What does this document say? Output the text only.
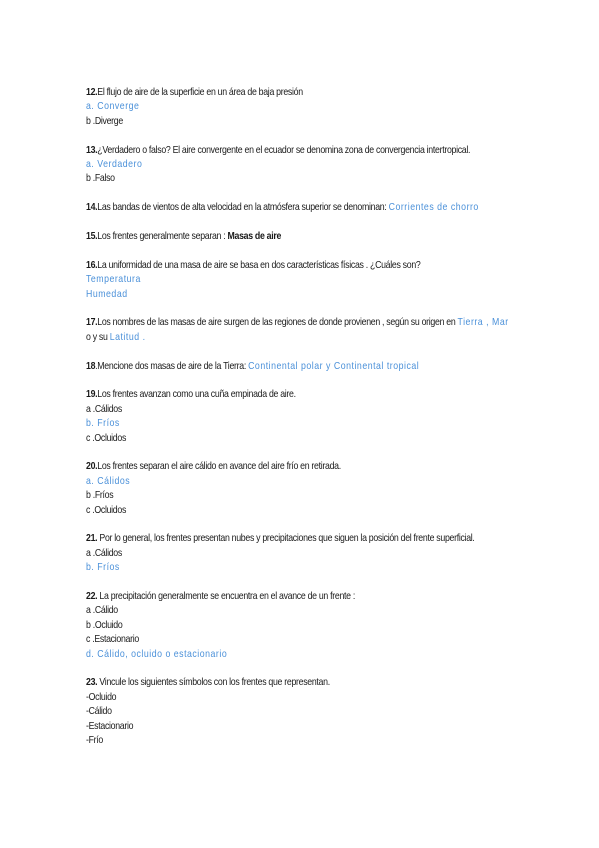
12.El flujo de aire de la superficie en un área de baja presión
a. Converge
b .Diverge
13.¿Verdadero o falso? El aire convergente en el ecuador se denomina zona de convergencia intertropical.
a. Verdadero
b .Falso
14.Las bandas de vientos de alta velocidad en la atmósfera superior se denominan: Corrientes de chorro
15.Los frentes generalmente separan : Masas de aire
16.La uniformidad de una masa de aire se basa en dos características físicas . ¿Cuáles son?
Temperatura
Humedad
17.Los nombres de las masas de aire surgen de las regiones de donde provienen , según su origen en Tierra , Mar
o y su Latitud .
18.Mencione dos masas de aire de la Tierra: Continental polar y Continental tropical
19.Los frentes avanzan como una cuña empinada de aire.
a .Cálidos
b. Fríos
c .Ocluidos
20.Los frentes separan el aire cálido en avance del aire frío en retirada.
a. Cálidos
b .Fríos
c .Ocluidos
21. Por lo general, los frentes presentan nubes y precipitaciones que siguen la posición del frente superficial.
a .Cálidos
b. Fríos
22. La precipitación generalmente se encuentra en el avance de un frente :
a .Cálido
b .Ocluido
c .Estacionario
d. Cálido, ocluido o estacionario
23. Vincule los siguientes símbolos con los frentes que representan.
-Ocluido
-Cálido
-Estacionario
-Frío
